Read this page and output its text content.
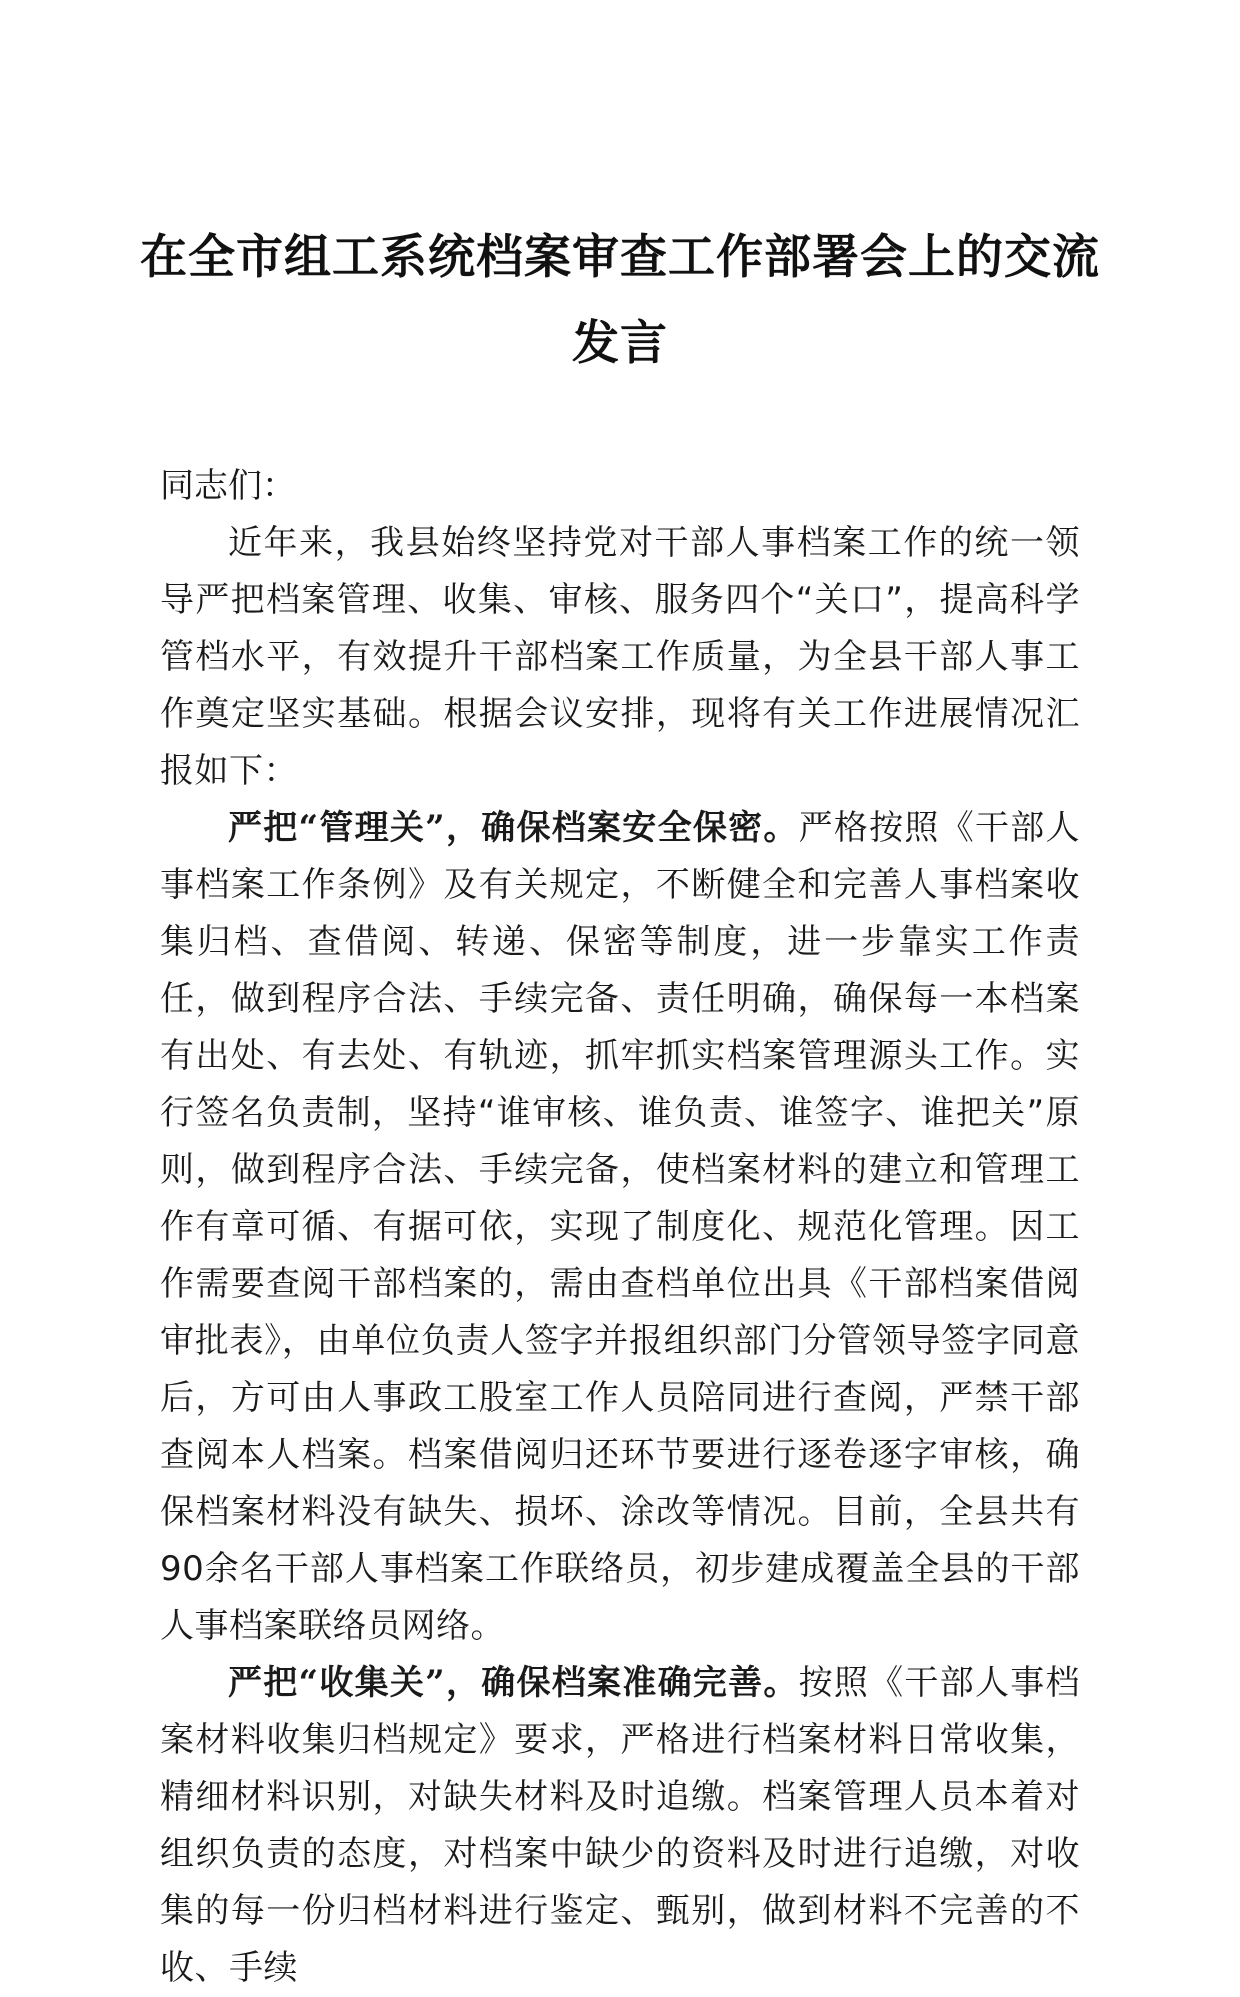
在全市组工系统档案审查工作部署会上的交流
发言

同志们：

近年来，我县始终坚持党对干部人事档案工作的统一领导严把档案管理、收集、审核、服务四个“关口”，提高科学管档水平，有效提升干部档案工作质量，为全县干部人事工作奠定坚实基础。根据会议安排，现将有关工作进展情况汇报如下：

严把“管理关”，确保档案安全保密。严格按照《干部人事档案工作条例》及有关规定，不断健全和完善人事档案收集归档、查借阅、转递、保密等制度，进一步靠实工作责任，做到程序合法、手续完备、责任明确，确保每一本档案有出处、有去处、有轨迹，抓牢抓实档案管理源头工作。实行签名负责制，坚持“谁审核、谁负责、谁签字、谁把关”原则，做到程序合法、手续完备，使档案材料的建立和管理工作有章可循、有据可依，实现了制度化、规范化管理。因工作需要查阅干部档案的，需由查档单位出具《干部档案借阅审批表》，由单位负责人签字并报组织部门分管领导签字同意后，方可由人事政工股室工作人员陪同进行查阅，严禁干部查阅本人档案。档案借阅归还环节要进行逐卷逐字审核，确保档案材料没有缺失、损坏、涂改等情况。目前，全县共有90余名干部人事档案工作联络员，初步建成覆盖全县的干部人事档案联络员网络。

严把“收集关”，确保档案准确完善。按照《干部人事档案材料收集归档规定》要求，严格进行档案材料日常收集，精细材料识别，对缺失材料及时追缴。档案管理人员本着对组织负责的态度，对档案中缺少的资料及时进行追缴，对收集的每一份归档材料进行鉴定、甄别，做到材料不完善的不收、手续
